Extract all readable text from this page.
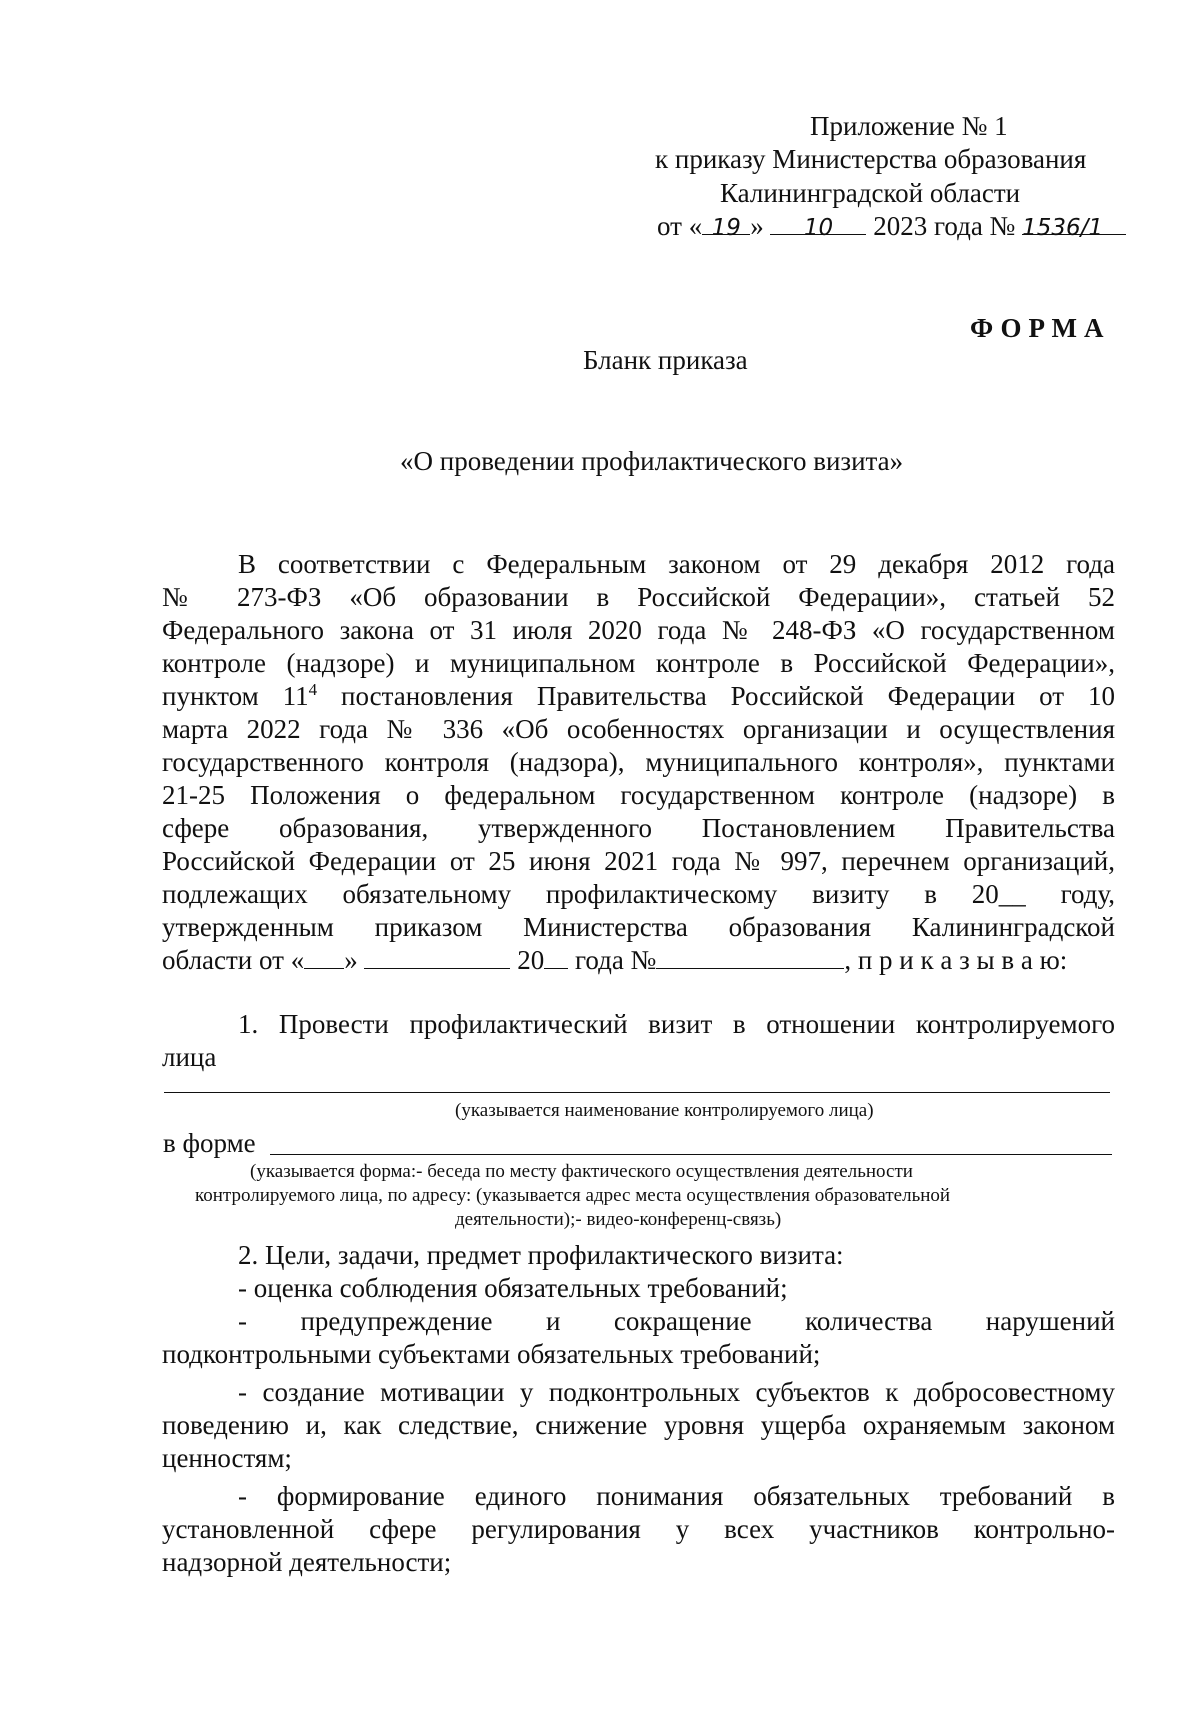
Приложение № 1
к приказу Министерства образования
Калининградской области
от « 19 » 10 2023 года № 1536/1
ФОРМА
Бланк приказа
«О проведении профилактического визита»
В соответствии с Федеральным законом от 29 декабря 2012 года
№ 273-ФЗ «Об образовании в Российской Федерации», статьей 52
Федерального закона от 31 июля 2020 года № 248-ФЗ «О государственном
контроле (надзоре) и муниципальном контроле в Российской Федерации»,
пунктом $11^4$ постановления Правительства Российской Федерации от 10
марта 2022 года № 336 «Об особенностях организации и осуществления
государственного контроля (надзора), муниципального контроля», пунктами
21-25 Положения о федеральном государственном контроле (надзоре) в
сфере образования, утвержденного Постановлением Правительства
Российской Федерации от 25 июня 2021 года № 997, перечнем организаций,
подлежащих обязательному профилактическому визиту в 20__ году,
утвержденным приказом Министерства образования Калининградской
области от « »	20 года №	, п р и к а з ы в а ю:
1. Провести профилактический визит в отношении контролируемого
лица
(указывается наименование контролируемого лица)
в форме
(указывается форма:- беседа по месту фактического осуществления деятельности
контролируемого лица, по адресу: (указывается адрес места осуществления образовательной
деятельности);- видео-конференц-связь)
2. Цели, задачи, предмет профилактического визита:
- оценка соблюдения обязательных требований;
- предупреждение и сокращение количества нарушений
подконтрольными субъектами обязательных требований;
- создание мотивации у подконтрольных субъектов к добросовестному
поведению и, как следствие, снижение уровня ущерба охраняемым законом
ценностям;
- формирование единого понимания обязательных требований в
установленной сфере регулирования у всех участников контрольно-
надзорной деятельности;
